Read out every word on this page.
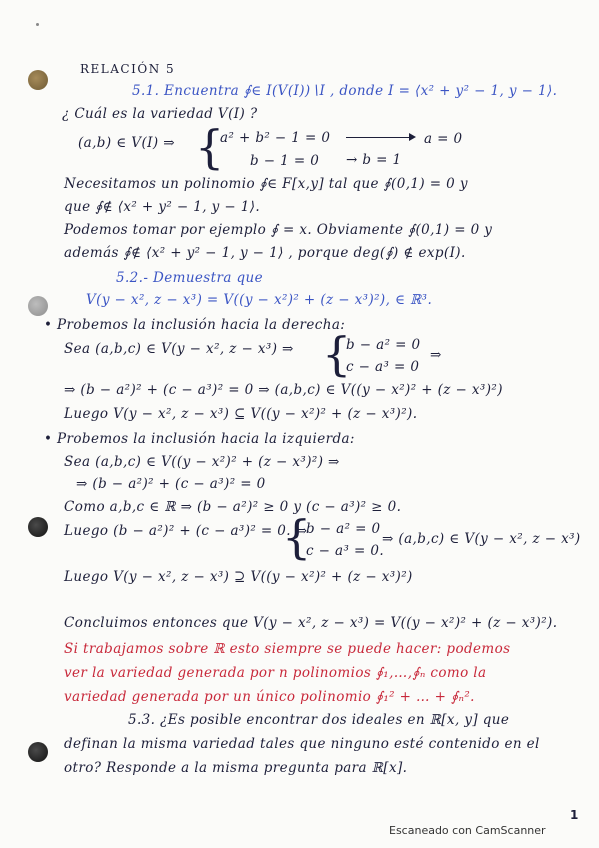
RELACIÓN 5
5.1. Encuentra ∮∈ I(V(I))∖I , donde I = ⟨x² + y² − 1, y − 1⟩.
¿ Cuál es la variedad V(I) ?
(a,b) ∈ V(I) ⇒ {
a² + b² − 1 = 0	a = 0
b − 1 = 0 → b = 1
Necesitamos un polinomio ∮∈ F[x,y] tal que ∮(0,1) = 0 y
que ∮∉ ⟨x² + y² − 1, y − 1⟩.
Podemos tomar por ejemplo ∮ = x. Obviamente ∮(0,1) = 0 y
además ∮∉ ⟨x² + y² − 1, y − 1⟩ , porque deg(∮) ∉ exp(I).
5.2.- Demuestra que
V(y − x², z − x³) = V((y − x²)² + (z − x³)²), ∈ ℝ³.
• Probemos la inclusión hacia la derecha:
Sea (a,b,c) ∈ V(y − x², z − x³) ⇒ {
b − a² = 0
⇒
c − a³ = 0
⇒ (b − a²)² + (c − a³)² = 0 ⇒ (a,b,c) ∈ V((y − x²)² + (z − x³)²)
Luego V(y − x², z − x³) ⊆ V((y − x²)² + (z − x³)²).
• Probemos la inclusión hacia la izquierda:
Sea (a,b,c) ∈ V((y − x²)² + (z − x³)²) ⇒
⇒ (b − a²)² + (c − a³)² = 0
Como a,b,c ∈ ℝ ⇒ (b − a²)² ≥ 0 y (c − a³)² ≥ 0.
Luego (b − a²)² + (c − a³)² = 0. ⇔
{
b − a² = 0
⇒ (a,b,c) ∈ V(y − x², z − x³)
c − a³ = 0.
Luego V(y − x², z − x³) ⊇ V((y − x²)² + (z − x³)²)
Concluimos entonces que V(y − x², z − x³) = V((y − x²)² + (z − x³)²).
Si trabajamos sobre ℝ esto siempre se puede hacer: podemos
ver la variedad generada por n polinomios ∮₁,…,∮ₙ como la
variedad generada por un único polinomio ∮₁² + … + ∮ₙ².
5.3. ¿Es posible encontrar dos ideales en ℝ[x, y] que
definan la misma variedad tales que ninguno esté contenido en el
otro? Responde a la misma pregunta para ℝ[x].
1
Escaneado con CamScanner
